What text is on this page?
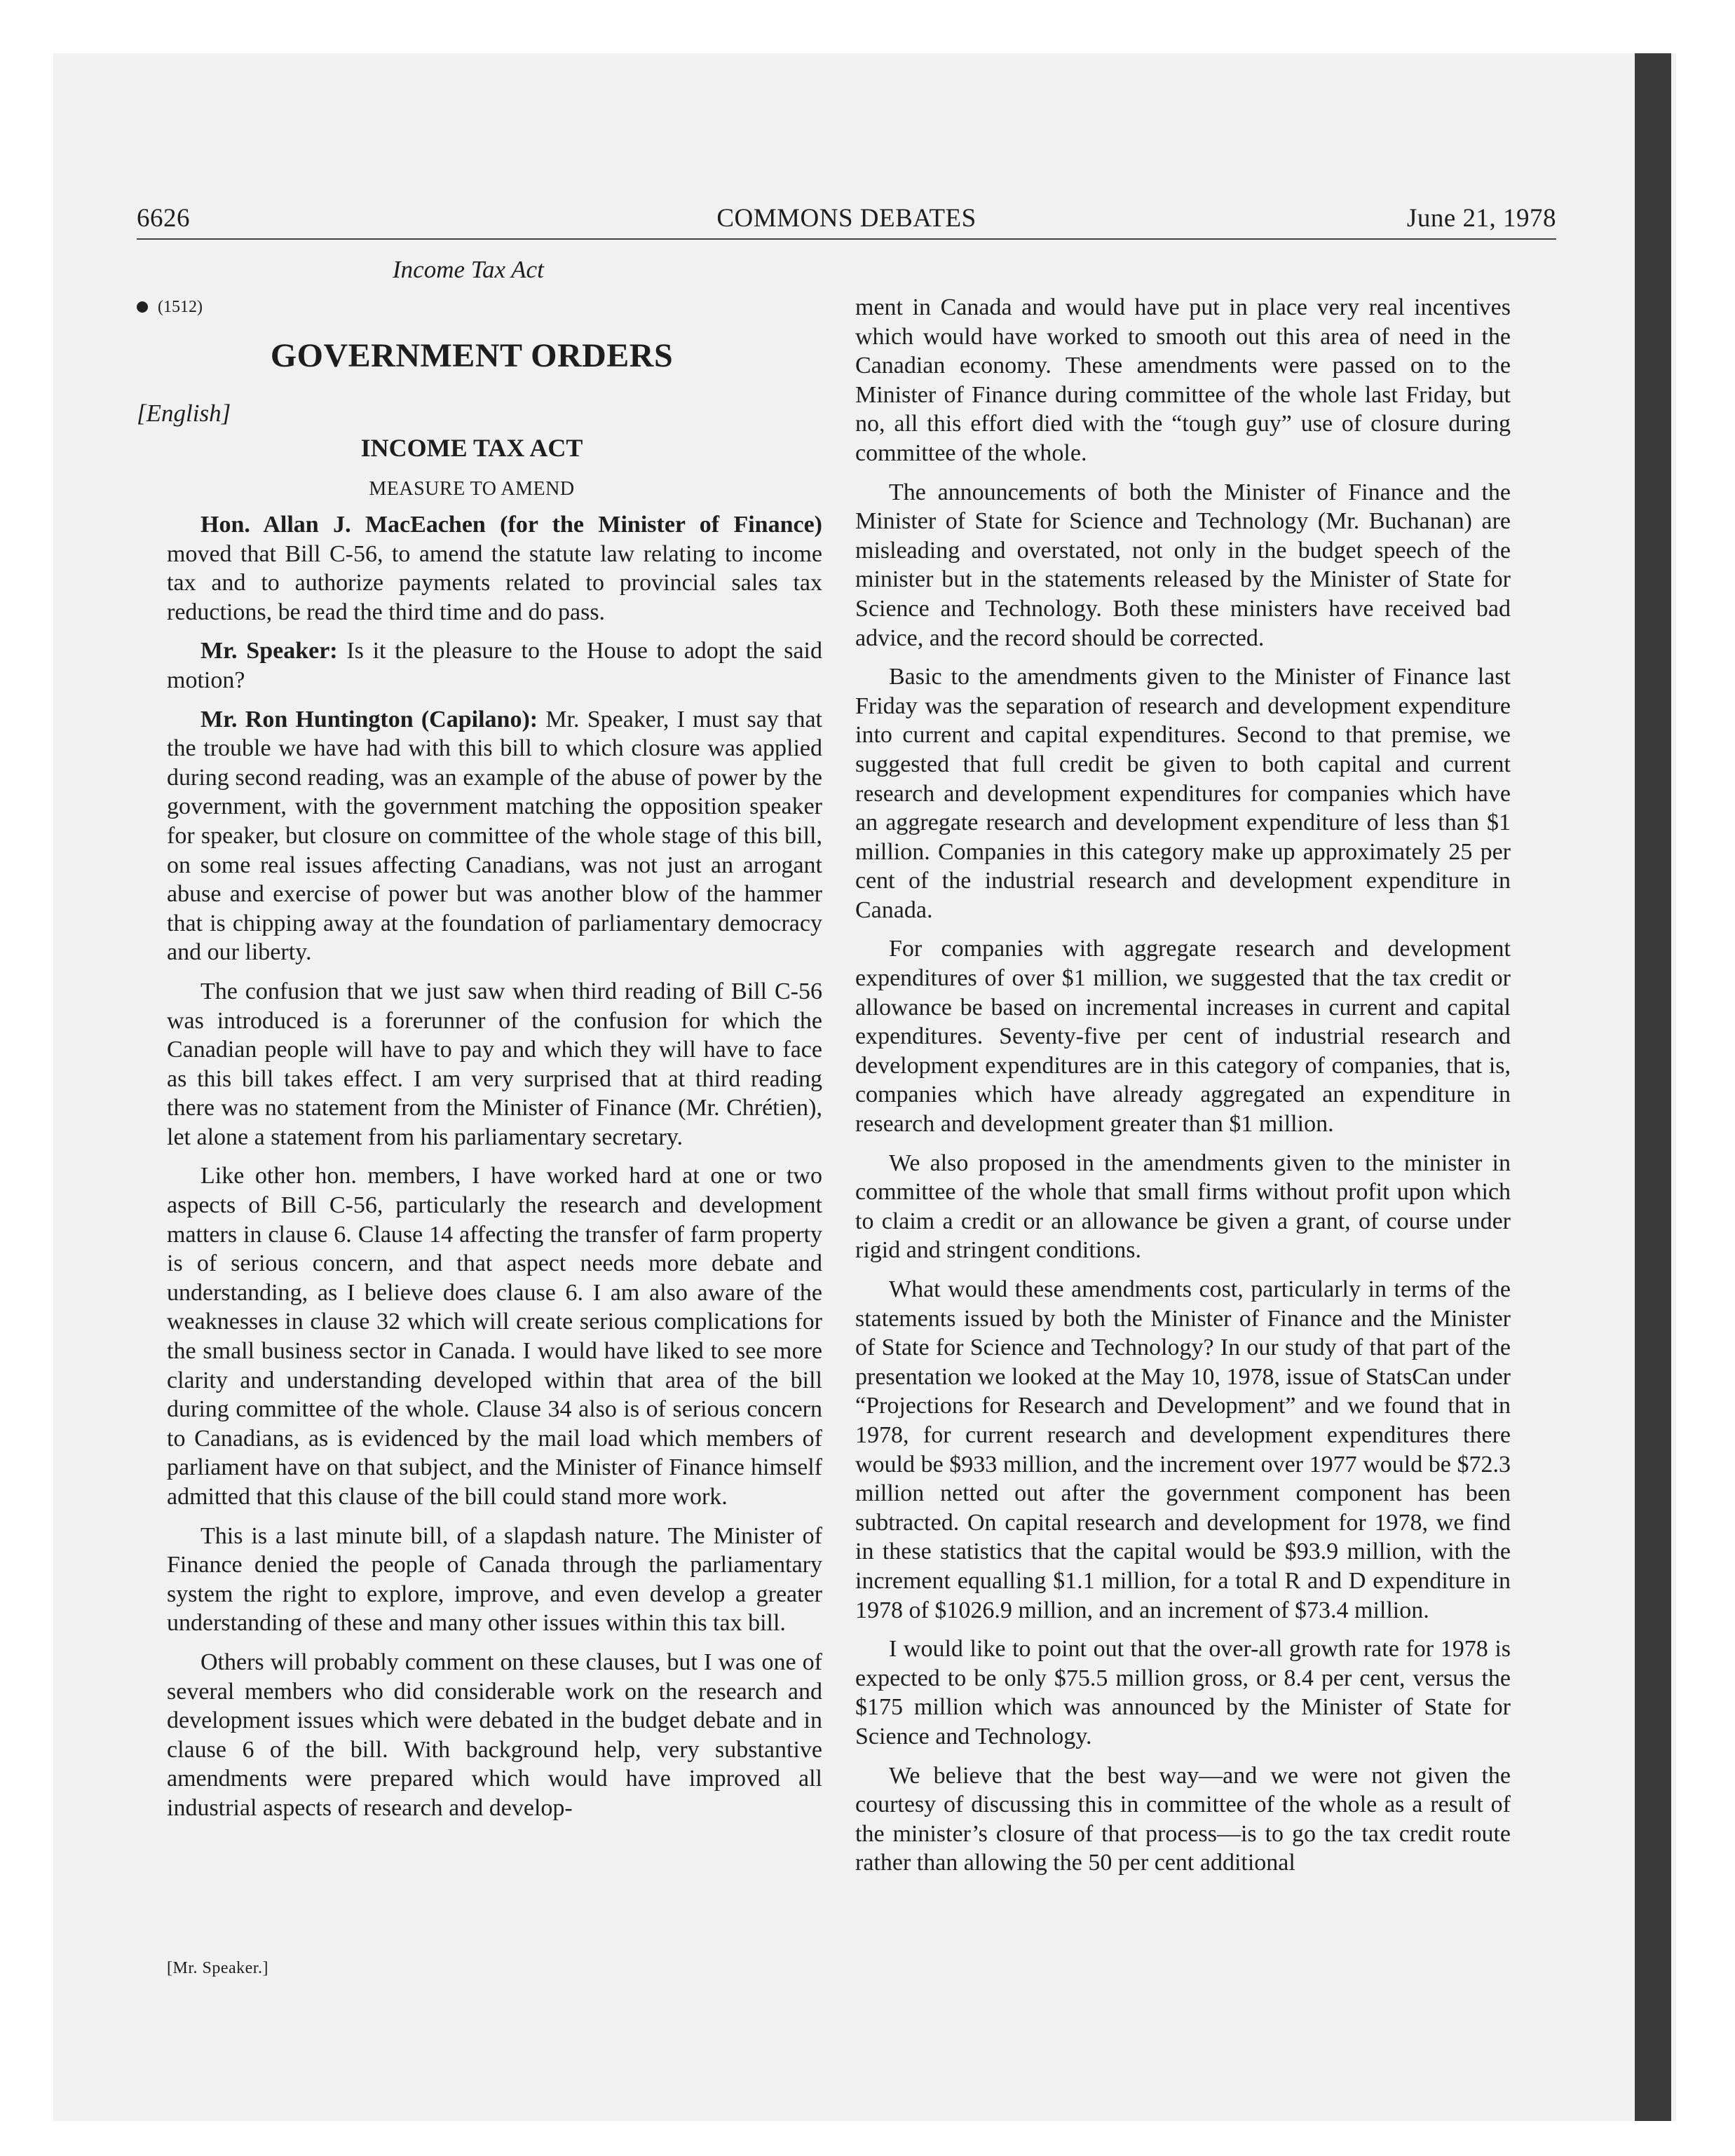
6626	COMMONS DEBATES	June 21, 1978
Income Tax Act
(1512)
GOVERNMENT ORDERS
[English]
INCOME TAX ACT
MEASURE TO AMEND

Hon. Allan J. MacEachen (for the Minister of Finance) moved that Bill C-56, to amend the statute law relating to income tax and to authorize payments related to provincial sales tax reductions, be read the third time and do pass.

Mr. Speaker: Is it the pleasure to the House to adopt the said motion?

Mr. Ron Huntington (Capilano): Mr. Speaker, I must say that the trouble we have had with this bill to which closure was applied during second reading, was an example of the abuse of power by the government, with the government matching the opposition speaker for speaker, but closure on committee of the whole stage of this bill, on some real issues affecting Canadians, was not just an arrogant abuse and exercise of power but was another blow of the hammer that is chipping away at the foundation of parliamentary democracy and our liberty.

The confusion that we just saw when third reading of Bill C-56 was introduced is a forerunner of the confusion for which the Canadian people will have to pay and which they will have to face as this bill takes effect. I am very surprised that at third reading there was no statement from the Minister of Finance (Mr. Chrétien), let alone a statement from his parliamentary secretary.

Like other hon. members, I have worked hard at one or two aspects of Bill C-56, particularly the research and development matters in clause 6. Clause 14 affecting the transfer of farm property is of serious concern, and that aspect needs more debate and understanding, as I believe does clause 6. I am also aware of the weaknesses in clause 32 which will create serious complications for the small business sector in Canada. I would have liked to see more clarity and understanding developed within that area of the bill during committee of the whole. Clause 34 also is of serious concern to Canadians, as is evidenced by the mail load which members of parliament have on that subject, and the Minister of Finance himself admitted that this clause of the bill could stand more work.

This is a last minute bill, of a slapdash nature. The Minister of Finance denied the people of Canada through the parliamentary system the right to explore, improve, and even develop a greater understanding of these and many other issues within this tax bill.

Others will probably comment on these clauses, but I was one of several members who did considerable work on the research and development issues which were debated in the budget debate and in clause 6 of the bill. With background help, very substantive amendments were prepared which would have improved all industrial aspects of research and develop-

[Mr. Speaker.]

ment in Canada and would have put in place very real incentives which would have worked to smooth out this area of need in the Canadian economy. These amendments were passed on to the Minister of Finance during committee of the whole last Friday, but no, all this effort died with the “tough guy” use of closure during committee of the whole.

The announcements of both the Minister of Finance and the Minister of State for Science and Technology (Mr. Buchanan) are misleading and overstated, not only in the budget speech of the minister but in the statements released by the Minister of State for Science and Technology. Both these ministers have received bad advice, and the record should be corrected.

Basic to the amendments given to the Minister of Finance last Friday was the separation of research and development expenditure into current and capital expenditures. Second to that premise, we suggested that full credit be given to both capital and current research and development expenditures for companies which have an aggregate research and development expenditure of less than $1 million. Companies in this category make up approximately 25 per cent of the industrial research and development expenditure in Canada.

For companies with aggregate research and development expenditures of over $1 million, we suggested that the tax credit or allowance be based on incremental increases in current and capital expenditures. Seventy-five per cent of industrial research and development expenditures are in this category of companies, that is, companies which have already aggregated an expenditure in research and development greater than $1 million.

We also proposed in the amendments given to the minister in committee of the whole that small firms without profit upon which to claim a credit or an allowance be given a grant, of course under rigid and stringent conditions.

What would these amendments cost, particularly in terms of the statements issued by both the Minister of Finance and the Minister of State for Science and Technology? In our study of that part of the presentation we looked at the May 10, 1978, issue of StatsCan under “Projections for Research and Development” and we found that in 1978, for current research and development expenditures there would be $933 million, and the increment over 1977 would be $72.3 million netted out after the government component has been subtracted. On capital research and development for 1978, we find in these statistics that the capital would be $93.9 million, with the increment equalling $1.1 million, for a total R and D expenditure in 1978 of $1026.9 million, and an increment of $73.4 million.

I would like to point out that the over-all growth rate for 1978 is expected to be only $75.5 million gross, or 8.4 per cent, versus the $175 million which was announced by the Minister of State for Science and Technology.

We believe that the best way—and we were not given the courtesy of discussing this in committee of the whole as a result of the minister’s closure of that process—is to go the tax credit route rather than allowing the 50 per cent additional
